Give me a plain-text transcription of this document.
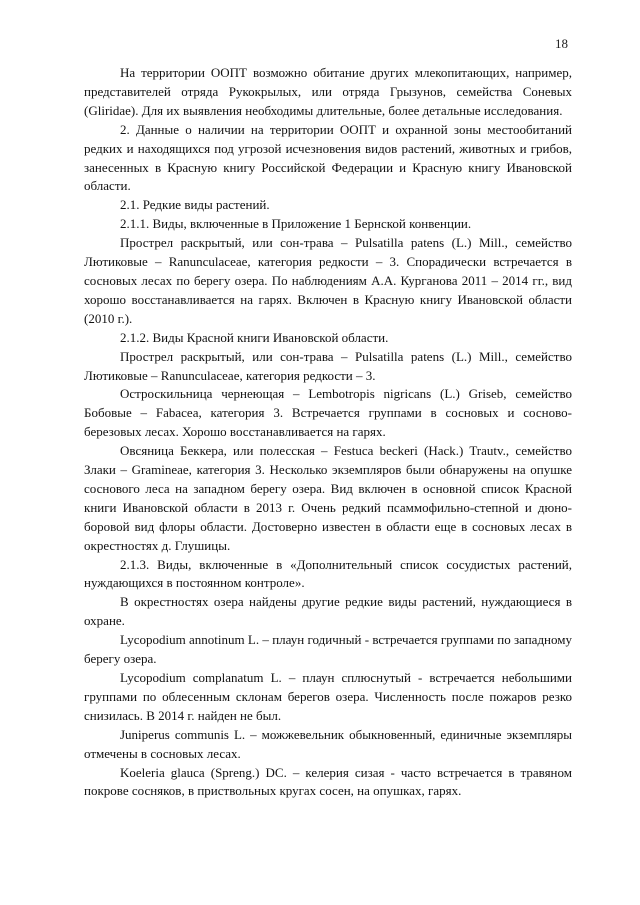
18

На территории ООПТ возможно обитание других млекопитающих, например, представителей отряда Рукокрылых, или отряда Грызунов, семейства Соневых (Gliridae). Для их выявления необходимы длительные, более детальные исследования.

2. Данные о наличии на территории ООПТ и охранной зоны местообитаний редких и находящихся под угрозой исчезновения видов растений, животных и грибов, занесенных в Красную книгу Российской Федерации и Красную книгу Ивановской области.

2.1. Редкие виды растений.

2.1.1. Виды, включенные в Приложение 1 Бернской конвенции.

Прострел раскрытый, или сон-трава – Pulsatilla patens (L.) Mill., семейство Лютиковые – Ranunculaceae, категория редкости – 3. Спорадически встречается в сосновых лесах по берегу озера. По наблюдениям А.А. Курганова 2011 – 2014 гг., вид хорошо восстанавливается на гарях. Включен в Красную книгу Ивановской области (2010 г.).

2.1.2. Виды Красной книги Ивановской области.

Прострел раскрытый, или сон-трава – Pulsatilla patens (L.) Mill., семейство Лютиковые – Ranunculaceae, категория редкости – 3.

Остроскильница чернеющая – Lembotropis nigricans (L.) Griseb, семейство Бобовые – Fabacea, категория 3. Встречается группами в сосновых и сосново-березовых лесах. Хорошо восстанавливается на гарях.

Овсяница Беккера, или полесская – Festuca beckeri (Hack.) Trautv., семейство Злаки – Gramineae, категория 3. Несколько экземпляров были обнаружены на опушке соснового леса на западном берегу озера. Вид включен в основной список Красной книги Ивановской области в 2013 г. Очень редкий псаммофильно-степной и дюно-боровой вид флоры области. Достоверно известен в области еще в сосновых лесах в окрестностях д. Глушицы.

2.1.3. Виды, включенные в «Дополнительный список сосудистых растений, нуждающихся в постоянном контроле».

В окрестностях озера найдены другие редкие виды растений, нуждающиеся в охране.

Lycopodium annotinum L. – плаун годичный - встречается группами по западному берегу озера.

Lycopodium complanatum L. – плаун сплюснутый - встречается небольшими группами по облесенным склонам берегов озера. Численность после пожаров резко снизилась. В 2014 г. найден не был.

Juniperus communis L. – можжевельник обыкновенный, единичные экземпляры отмечены в сосновых лесах.

Koeleria glauca (Spreng.) DC. – келерия сизая - часто встречается в травяном покрове сосняков, в приствольных кругах сосен, на опушках, гарях.
